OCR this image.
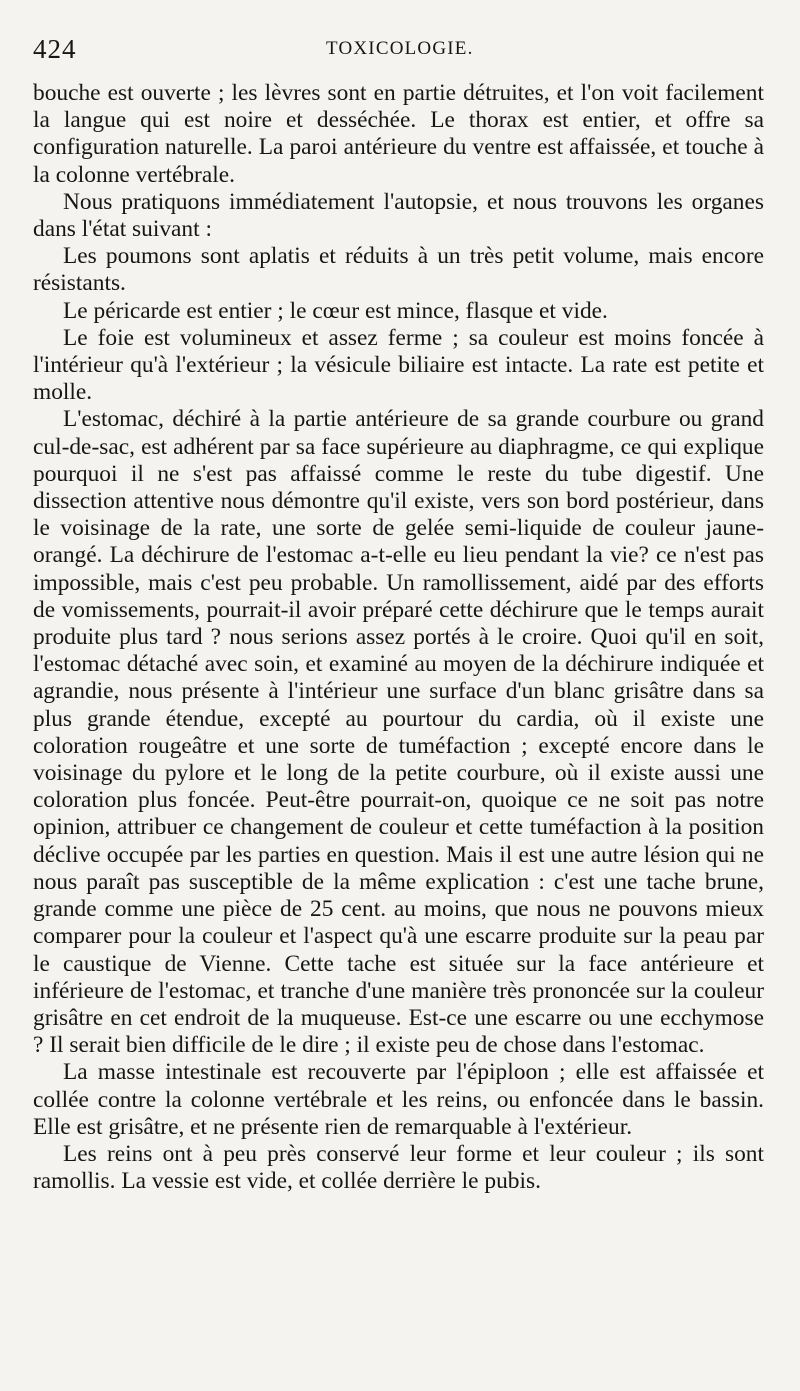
424	TOXICOLOGIE.

bouche est ouverte ; les lèvres sont en partie détruites, et l'on voit facilement la langue qui est noire et desséchée. Le thorax est entier, et offre sa configuration naturelle. La paroi antérieure du ventre est affaissée, et touche à la colonne vertébrale.

Nous pratiquons immédiatement l'autopsie, et nous trouvons les organes dans l'état suivant :

Les poumons sont aplatis et réduits à un très petit volume, mais encore résistants.

Le péricarde est entier ; le cœur est mince, flasque et vide.

Le foie est volumineux et assez ferme ; sa couleur est moins foncée à l'intérieur qu'à l'extérieur ; la vésicule biliaire est intacte. La rate est petite et molle.

L'estomac, déchiré à la partie antérieure de sa grande courbure ou grand cul-de-sac, est adhérent par sa face supérieure au diaphragme, ce qui explique pourquoi il ne s'est pas affaissé comme le reste du tube digestif. Une dissection attentive nous démontre qu'il existe, vers son bord postérieur, dans le voisinage de la rate, une sorte de gelée semi-liquide de couleur jaune-orangé. La déchirure de l'estomac a-t-elle eu lieu pendant la vie? ce n'est pas impossible, mais c'est peu probable. Un ramollissement, aidé par des efforts de vomissements, pourrait-il avoir préparé cette déchirure que le temps aurait produite plus tard ? nous serions assez portés à le croire. Quoi qu'il en soit, l'estomac détaché avec soin, et examiné au moyen de la déchirure indiquée et agrandie, nous présente à l'intérieur une surface d'un blanc grisâtre dans sa plus grande étendue, excepté au pourtour du cardia, où il existe une coloration rougeâtre et une sorte de tuméfaction ; excepté encore dans le voisinage du pylore et le long de la petite courbure, où il existe aussi une coloration plus foncée. Peut-être pourrait-on, quoique ce ne soit pas notre opinion, attribuer ce changement de couleur et cette tuméfaction à la position déclive occupée par les parties en question. Mais il est une autre lésion qui ne nous paraît pas susceptible de la même explication : c'est une tache brune, grande comme une pièce de 25 cent. au moins, que nous ne pouvons mieux comparer pour la couleur et l'aspect qu'à une escarre produite sur la peau par le caustique de Vienne. Cette tache est située sur la face antérieure et inférieure de l'estomac, et tranche d'une manière très prononcée sur la couleur grisâtre en cet endroit de la muqueuse. Est-ce une escarre ou une ecchymose ? Il serait bien difficile de le dire ; il existe peu de chose dans l'estomac.

La masse intestinale est recouverte par l'épiploon ; elle est affaissée et collée contre la colonne vertébrale et les reins, ou enfoncée dans le bassin. Elle est grisâtre, et ne présente rien de remarquable à l'extérieur.

Les reins ont à peu près conservé leur forme et leur couleur ; ils sont ramollis. La vessie est vide, et collée derrière le pubis.
